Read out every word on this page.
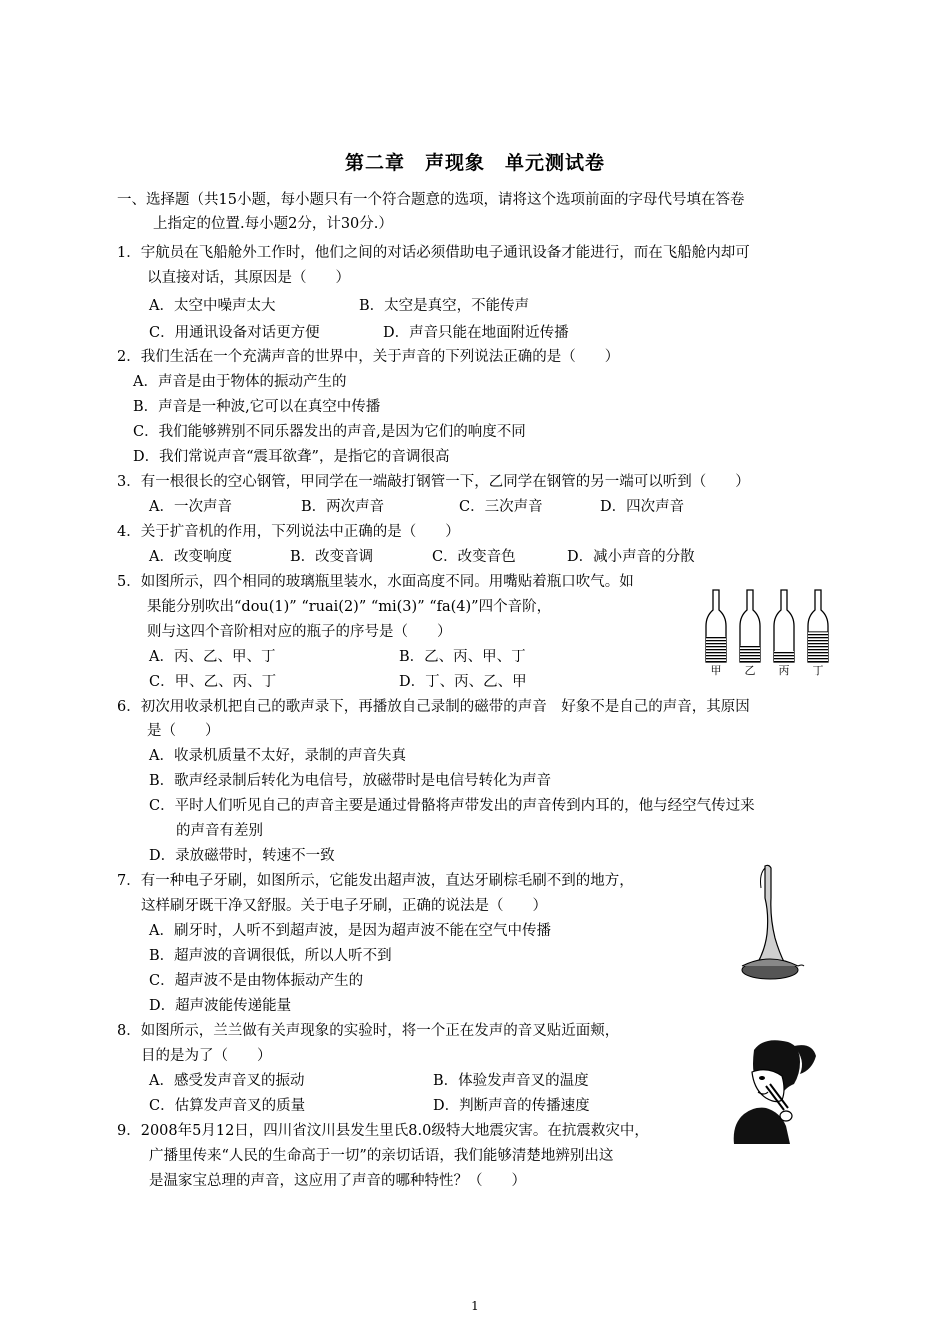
第二章　声现象　单元测试卷
一、选择题（共15小题，每小题只有一个符合题意的选项，请将这个选项前面的字母代号填在答卷
上指定的位置.每小题2分，计30分.）
1．宇航员在飞船舱外工作时，他们之间的对话必须借助电子通讯设备才能进行，而在飞船舱内却可
以直接对话，其原因是（　　）
A．太空中噪声太大	B．太空是真空，不能传声
C．用通讯设备对话更方便	D．声音只能在地面附近传播
2．我们生活在一个充满声音的世界中，关于声音的下列说法正确的是（　　）
A．声音是由于物体的振动产生的
B．声音是一种波,它可以在真空中传播
C．我们能够辨别不同乐器发出的声音,是因为它们的响度不同
D．我们常说声音“震耳欲聋”，是指它的音调很高
3．有一根很长的空心钢管，甲同学在一端敲打钢管一下，乙同学在钢管的另一端可以听到（　　）
A．一次声音	B．两次声音	C．三次声音	D．四次声音
4．关于扩音机的作用，下列说法中正确的是（　　）
A．改变响度	B．改变音调	C．改变音色	D．减小声音的分散
5．如图所示，四个相同的玻璃瓶里装水，水面高度不同。用嘴贴着瓶口吹气。如
果能分别吹出“dou(1)” “ruai(2)” “mi(3)” “fa(4)”四个音阶，
则与这四个音阶相对应的瓶子的序号是（　　）
A．丙、乙、甲、丁	B．乙、丙、甲、丁
C．甲、乙、丙、丁	D．丁、丙、乙、甲
甲 乙 丙 丁
6．初次用收录机把自己的歌声录下，再播放自己录制的磁带的声音　好象不是自己的声音，其原因
是（　　）
A．收录机质量不太好，录制的声音失真
B．歌声经录制后转化为电信号，放磁带时是电信号转化为声音
C．平时人们听见自己的声音主要是通过骨骼将声带发出的声音传到内耳的，他与经空气传过来
的声音有差别
D．录放磁带时，转速不一致
7．有一种电子牙刷，如图所示，它能发出超声波，直达牙刷棕毛刷不到的地方，
这样刷牙既干净又舒服。关于电子牙刷，正确的说法是（　　）
A．刷牙时，人听不到超声波，是因为超声波不能在空气中传播
B．超声波的音调很低，所以人听不到
C．超声波不是由物体振动产生的
D．超声波能传递能量
8．如图所示，兰兰做有关声现象的实验时，将一个正在发声的音叉贴近面颊，
目的是为了（　　）
A．感受发声音叉的振动	B．体验发声音叉的温度
C．估算发声音叉的质量	D．判断声音的传播速度
9．2008年5月12日，四川省汶川县发生里氏8.0级特大地震灾害。在抗震救灾中，
广播里传来“人民的生命高于一切”的亲切话语，我们能够清楚地辨别出这
是温家宝总理的声音，这应用了声音的哪种特性？（　　）
1
